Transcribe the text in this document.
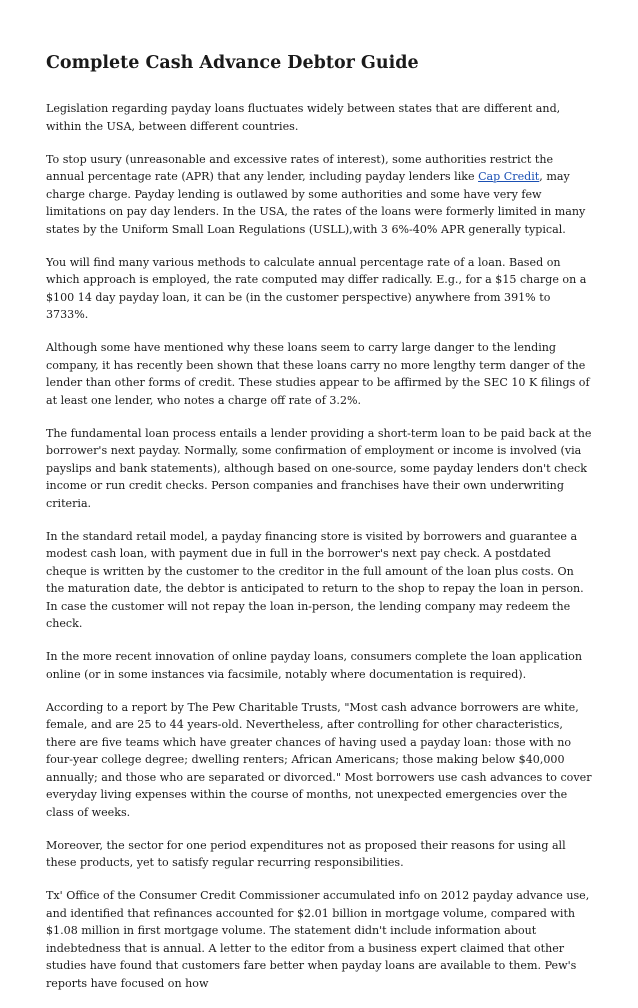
Complete Cash Advance Debtor Guide

Legislation regarding payday loans fluctuates widely between states that are different and, within the USA, between different countries.

To stop usury (unreasonable and excessive rates of interest), some authorities restrict the annual percentage rate (APR) that any lender, including payday lenders like Cap Credit, may charge charge. Payday lending is outlawed by some authorities and some have very few limitations on pay day lenders. In the USA, the rates of the loans were formerly limited in many states by the Uniform Small Loan Regulations (USLL),with 3 6%-40% APR generally typical.

You will find many various methods to calculate annual percentage rate of a loan. Based on which approach is employed, the rate computed may differ radically. E.g., for a $15 charge on a $100 14 day payday loan, it can be (in the customer perspective) anywhere from 391% to 3733%.

Although some have mentioned why these loans seem to carry large danger to the lending company, it has recently been shown that these loans carry no more lengthy term danger of the lender than other forms of credit. These studies appear to be affirmed by the SEC 10 K filings of at least one lender, who notes a charge off rate of 3.2%.

The fundamental loan process entails a lender providing a short-term loan to be paid back at the borrower's next payday. Normally, some confirmation of employment or income is involved (via payslips and bank statements), although based on one-source, some payday lenders don't check income or run credit checks. Person companies and franchises have their own underwriting criteria.

In the standard retail model, a payday financing store is visited by borrowers and guarantee a modest cash loan, with payment due in full in the borrower's next pay check. A postdated cheque is written by the customer to the creditor in the full amount of the loan plus costs. On the maturation date, the debtor is anticipated to return to the shop to repay the loan in person. In case the customer will not repay the loan in-person, the lending company may redeem the check.

In the more recent innovation of online payday loans, consumers complete the loan application online (or in some instances via facsimile, notably where documentation is required).

According to a report by The Pew Charitable Trusts, "Most cash advance borrowers are white, female, and are 25 to 44 years-old. Nevertheless, after controlling for other characteristics, there are five teams which have greater chances of having used a payday loan: those with no four-year college degree; dwelling renters; African Americans; those making below $40,000 annually; and those who are separated or divorced." Most borrowers use cash advances to cover everyday living expenses within the course of months, not unexpected emergencies over the class of weeks.

Moreover, the sector for one period expenditures not as proposed their reasons for using all these products, yet to satisfy regular recurring responsibilities.

Tx' Office of the Consumer Credit Commissioner accumulated info on 2012 payday advance use, and identified that refinances accounted for $2.01 billion in mortgage volume, compared with $1.08 million in first mortgage volume. The statement didn't include information about indebtedness that is annual. A letter to the editor from a business expert claimed that other studies have found that customers fare better when payday loans are available to them. Pew's reports have focused on how
